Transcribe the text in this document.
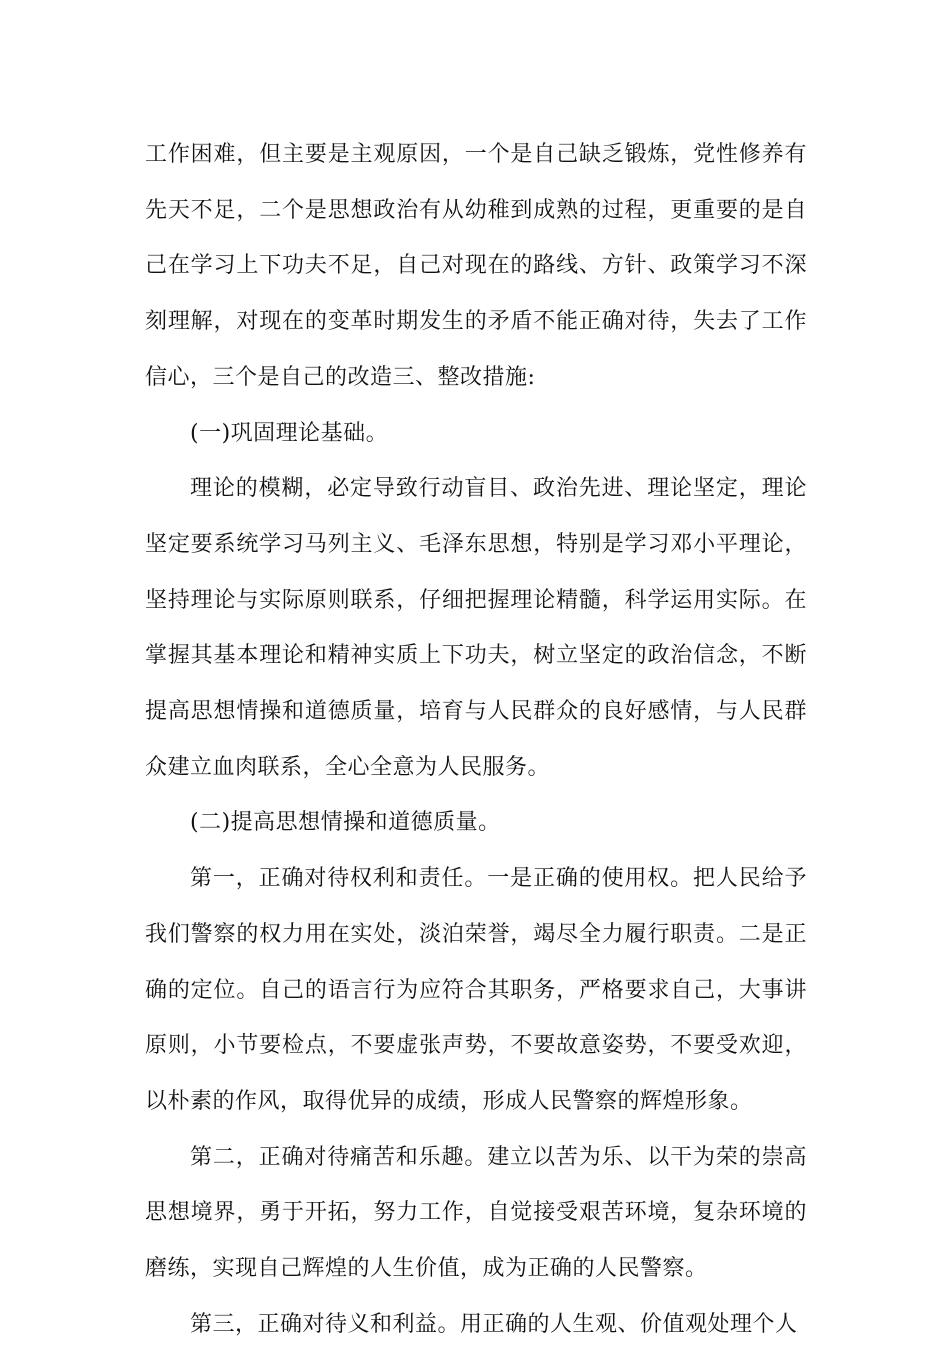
工作困难，但主要是主观原因，一个是自己缺乏锻炼，党性修养有先天不足，二个是思想政治有从幼稚到成熟的过程，更重要的是自己在学习上下功夫不足，自己对现在的路线、方针、政策学习不深刻理解，对现在的变革时期发生的矛盾不能正确对待，失去了工作信心，三个是自己的改造三、整改措施:

(一)巩固理论基础。

理论的模糊，必定导致行动盲目、政治先进、理论坚定，理论坚定要系统学习马列主义、毛泽东思想，特别是学习邓小平理论，坚持理论与实际原则联系，仔细把握理论精髓，科学运用实际。在掌握其基本理论和精神实质上下功夫，树立坚定的政治信念，不断提高思想情操和道德质量，培育与人民群众的良好感情，与人民群众建立血肉联系，全心全意为人民服务。

(二)提高思想情操和道德质量。

第一，正确对待权利和责任。一是正确的使用权。把人民给予我们警察的权力用在实处，淡泊荣誉，竭尽全力履行职责。二是正确的定位。自己的语言行为应符合其职务，严格要求自己，大事讲原则，小节要检点，不要虚张声势，不要故意姿势，不要受欢迎，以朴素的作风，取得优异的成绩，形成人民警察的辉煌形象。

第二，正确对待痛苦和乐趣。建立以苦为乐、以干为荣的崇高思想境界，勇于开拓，努力工作，自觉接受艰苦环境，复杂环境的磨练，实现自己辉煌的人生价值，成为正确的人民警察。

第三，正确对待义和利益。用正确的人生观、价值观处理个人
